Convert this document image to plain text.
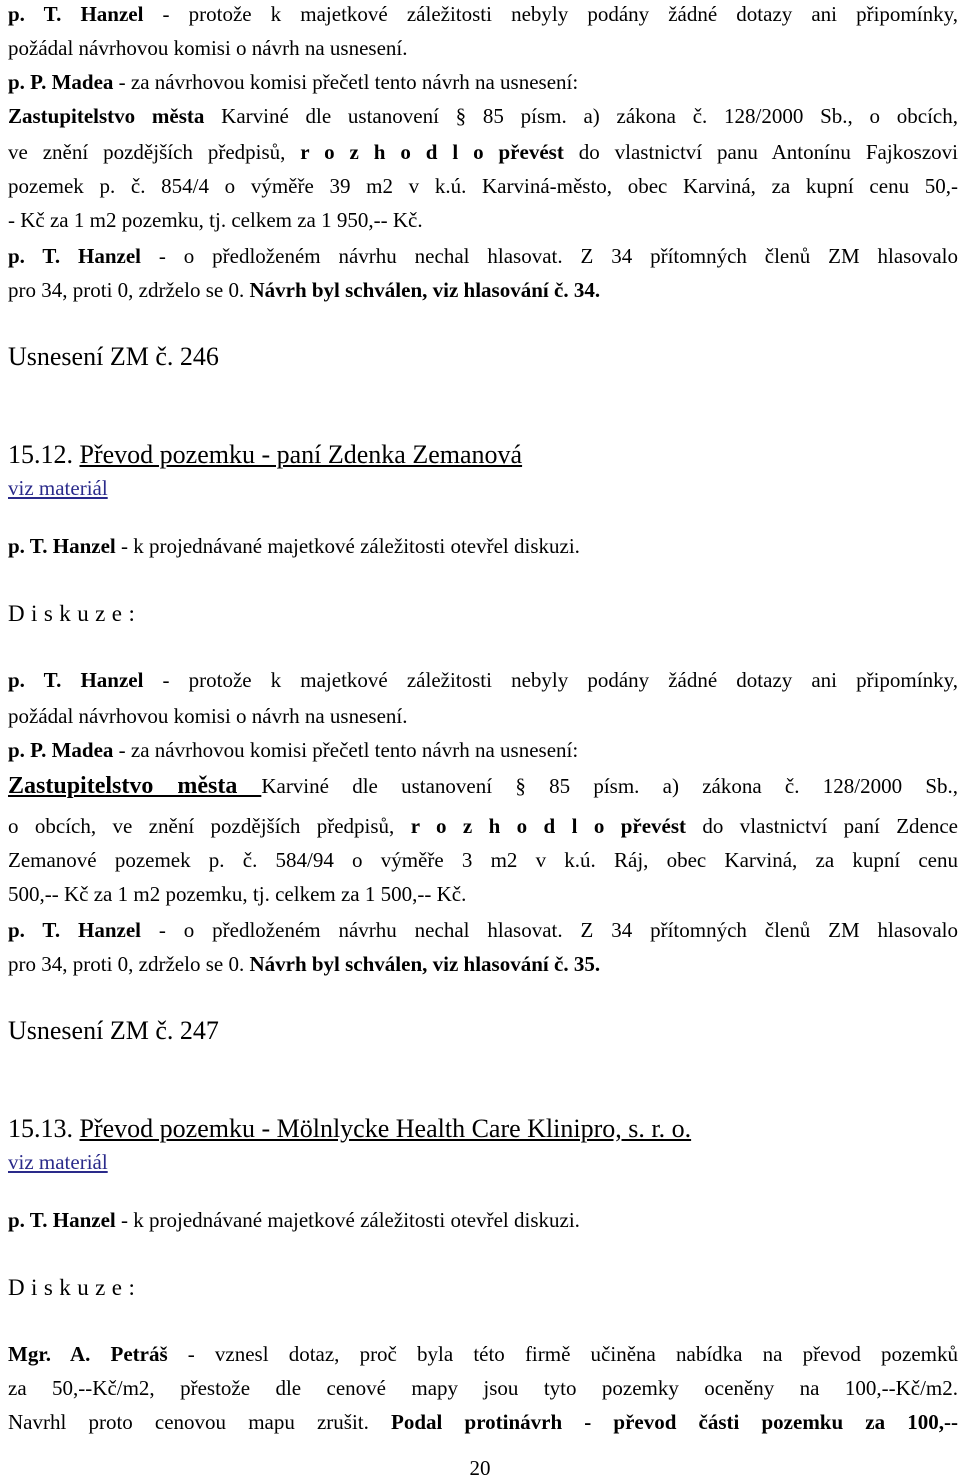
p. T. Hanzel - protože k majetkové záležitosti nebyly podány žádné dotazy ani připomínky,
požádal návrhovou komisi o návrh na usnesení.
p. P. Madea - za návrhovou komisi přečetl tento návrh na usnesení:
Zastupitelstvo města Karviné dle ustanovení § 85 písm. a) zákona č. 128/2000 Sb., o obcích,
ve znění pozdějších předpisů, r o z h o d l o převést do vlastnictví panu Antonínu Fajkoszovi
pozemek p. č. 854/4 o výměře 39 m2 v k.ú. Karviná-město, obec Karviná, za kupní cenu 50,-
- Kč za 1 m2 pozemku, tj. celkem za 1 950,-- Kč.
p. T. Hanzel - o předloženém návrhu nechal hlasovat. Z 34 přítomných členů ZM hlasovalo
pro 34, proti 0, zdrželo se 0. Návrh byl schválen, viz hlasování č. 34.
Usnesení ZM č. 246
15.12. Převod pozemku - paní Zdenka Zemanová
viz materiál
p. T. Hanzel - k projednávané majetkové záležitosti otevřel diskuzi.
Diskuze:
p. T. Hanzel - protože k majetkové záležitosti nebyly podány žádné dotazy ani připomínky,
požádal návrhovou komisi o návrh na usnesení.
p. P. Madea - za návrhovou komisi přečetl tento návrh na usnesení:
Zastupitelstvo města Karviné dle ustanovení § 85 písm. a) zákona č. 128/2000 Sb.,
o obcích, ve znění pozdějších předpisů, r o z h o d l o převést do vlastnictví paní Zdence
Zemanové pozemek p. č. 584/94 o výměře 3 m2 v k.ú. Ráj, obec Karviná, za kupní cenu
500,-- Kč za 1 m2 pozemku, tj. celkem za 1 500,-- Kč.
p. T. Hanzel - o předloženém návrhu nechal hlasovat. Z 34 přítomných členů ZM hlasovalo
pro 34, proti 0, zdrželo se 0. Návrh byl schválen, viz hlasování č. 35.
Usnesení ZM č. 247
15.13. Převod pozemku - Mölnlycke Health Care Klinipro, s. r. o.
viz materiál
p. T. Hanzel - k projednávané majetkové záležitosti otevřel diskuzi.
Diskuze:
Mgr. A. Petráš - vznesl dotaz, proč byla této firmě učiněna nabídka na převod pozemků
za 50,--Kč/m2, přestože dle cenové mapy jsou tyto pozemky oceněny na 100,--Kč/m2.
Navrhl proto cenovou mapu zrušit. Podal protinávrh - převod části pozemku za 100,--
20
